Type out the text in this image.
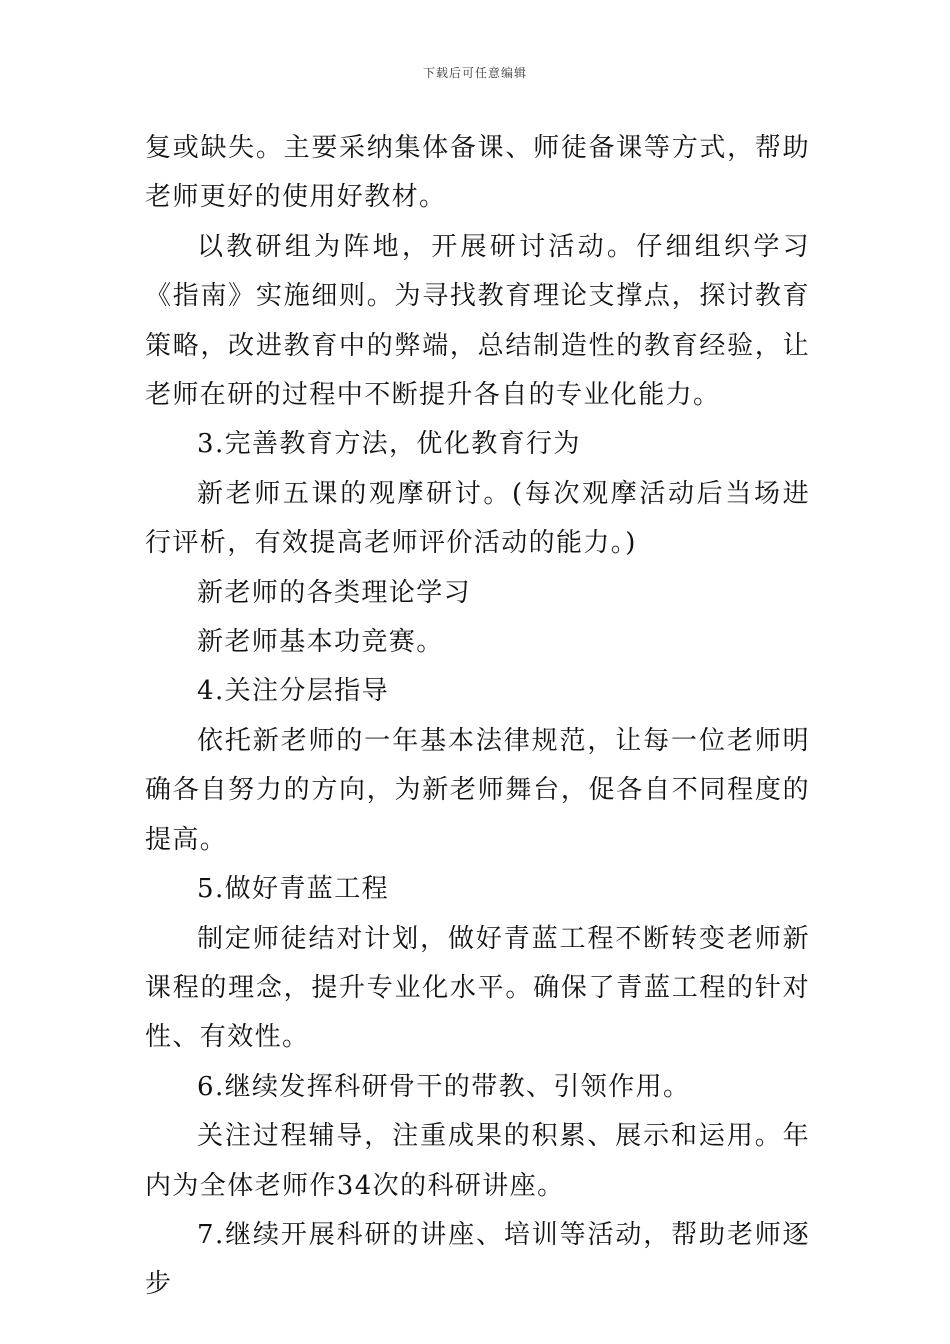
下载后可任意编辑

复或缺失。主要采纳集体备课、师徒备课等方式，帮助老师更好的使用好教材。

以教研组为阵地，开展研讨活动。仔细组织学习《指南》实施细则。为寻找教育理论支撑点，探讨教育策略，改进教育中的弊端，总结制造性的教育经验，让老师在研的过程中不断提升各自的专业化能力。

3.完善教育方法，优化教育行为

新老师五课的观摩研讨。(每次观摩活动后当场进行评析，有效提高老师评价活动的能力。)

新老师的各类理论学习

新老师基本功竞赛。

4.关注分层指导

依托新老师的一年基本法律规范，让每一位老师明确各自努力的方向，为新老师舞台，促各自不同程度的提高。

5.做好青蓝工程

制定师徒结对计划，做好青蓝工程不断转变老师新课程的理念，提升专业化水平。确保了青蓝工程的针对性、有效性。

6.继续发挥科研骨干的带教、引领作用。

关注过程辅导，注重成果的积累、展示和运用。年内为全体老师作34次的科研讲座。

7.继续开展科研的讲座、培训等活动，帮助老师逐步
